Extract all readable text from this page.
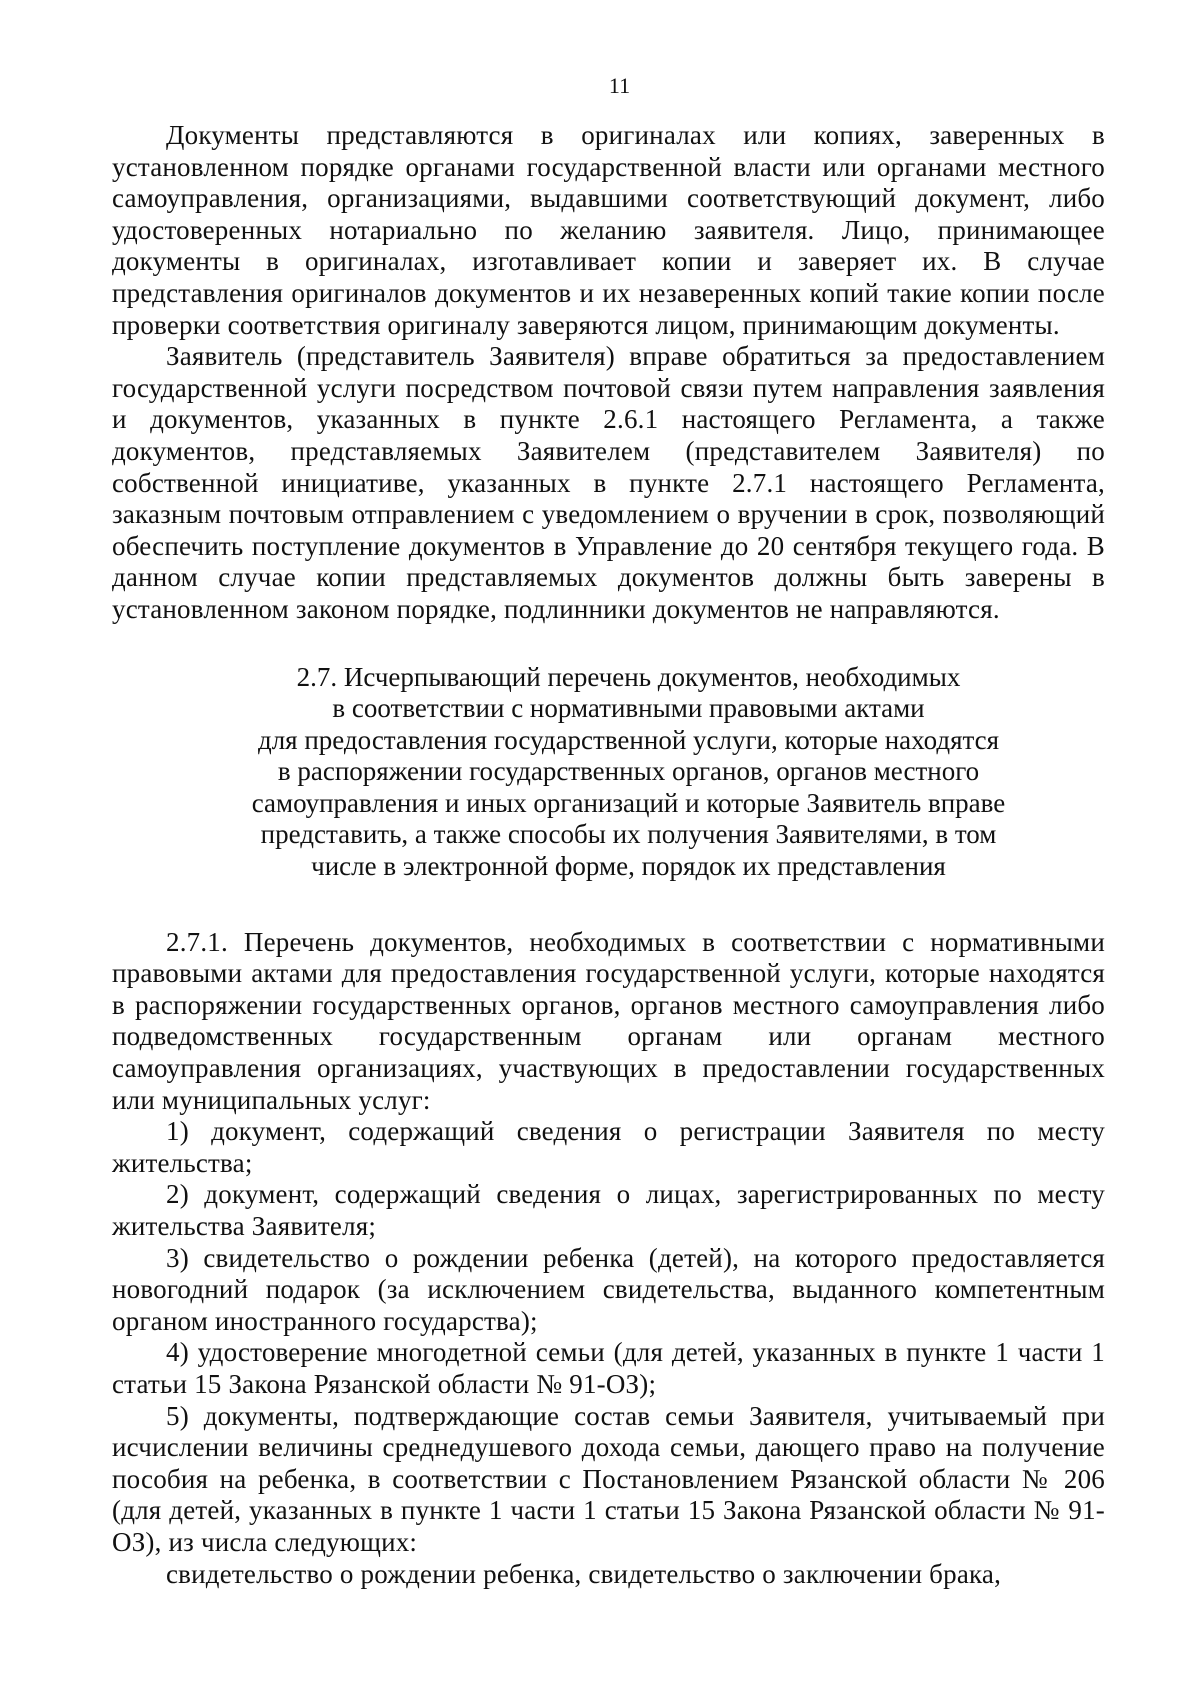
11

Документы представляются в оригиналах или копиях, заверенных в установленном порядке органами государственной власти или органами местного самоуправления, организациями, выдавшими соответствующий документ, либо удостоверенных нотариально по желанию заявителя. Лицо, принимающее документы в оригиналах, изготавливает копии и заверяет их. В случае представления оригиналов документов и их незаверенных копий такие копии после проверки соответствия оригиналу заверяются лицом, принимающим документы.

Заявитель (представитель Заявителя) вправе обратиться за предоставлением государственной услуги посредством почтовой связи путем направления заявления и документов, указанных в пункте 2.6.1 настоящего Регламента, а также документов, представляемых Заявителем (представителем Заявителя) по собственной инициативе, указанных в пункте 2.7.1 настоящего Регламента, заказным почтовым отправлением с уведомлением о вручении в срок, позволяющий обеспечить поступление документов в Управление до 20 сентября текущего года. В данном случае копии представляемых документов должны быть заверены в установленном законом порядке, подлинники документов не направляются.

2.7. Исчерпывающий перечень документов, необходимых
в соответствии с нормативными правовыми актами
для предоставления государственной услуги, которые находятся
в распоряжении государственных органов, органов местного
самоуправления и иных организаций и которые Заявитель вправе
представить, а также способы их получения Заявителями, в том
числе в электронной форме, порядок их представления

2.7.1. Перечень документов, необходимых в соответствии с нормативными правовыми актами для предоставления государственной услуги, которые находятся в распоряжении государственных органов, органов местного самоуправления либо подведомственных государственным органам или органам местного самоуправления организациях, участвующих в предоставлении государственных или муниципальных услуг:

1) документ, содержащий сведения о регистрации Заявителя по месту жительства;

2) документ, содержащий сведения о лицах, зарегистрированных по месту жительства Заявителя;

3) свидетельство о рождении ребенка (детей), на которого предоставляется новогодний подарок (за исключением свидетельства, выданного компетентным органом иностранного государства);

4) удостоверение многодетной семьи (для детей, указанных в пункте 1 части 1 статьи 15 Закона Рязанской области № 91-ОЗ);

5) документы, подтверждающие состав семьи Заявителя, учитываемый при исчислении величины среднедушевого дохода семьи, дающего право на получение пособия на ребенка, в соответствии с Постановлением Рязанской области № 206 (для детей, указанных в пункте 1 части 1 статьи 15 Закона Рязанской области № 91-ОЗ), из числа следующих:

свидетельство о рождении ребенка, свидетельство о заключении брака,
